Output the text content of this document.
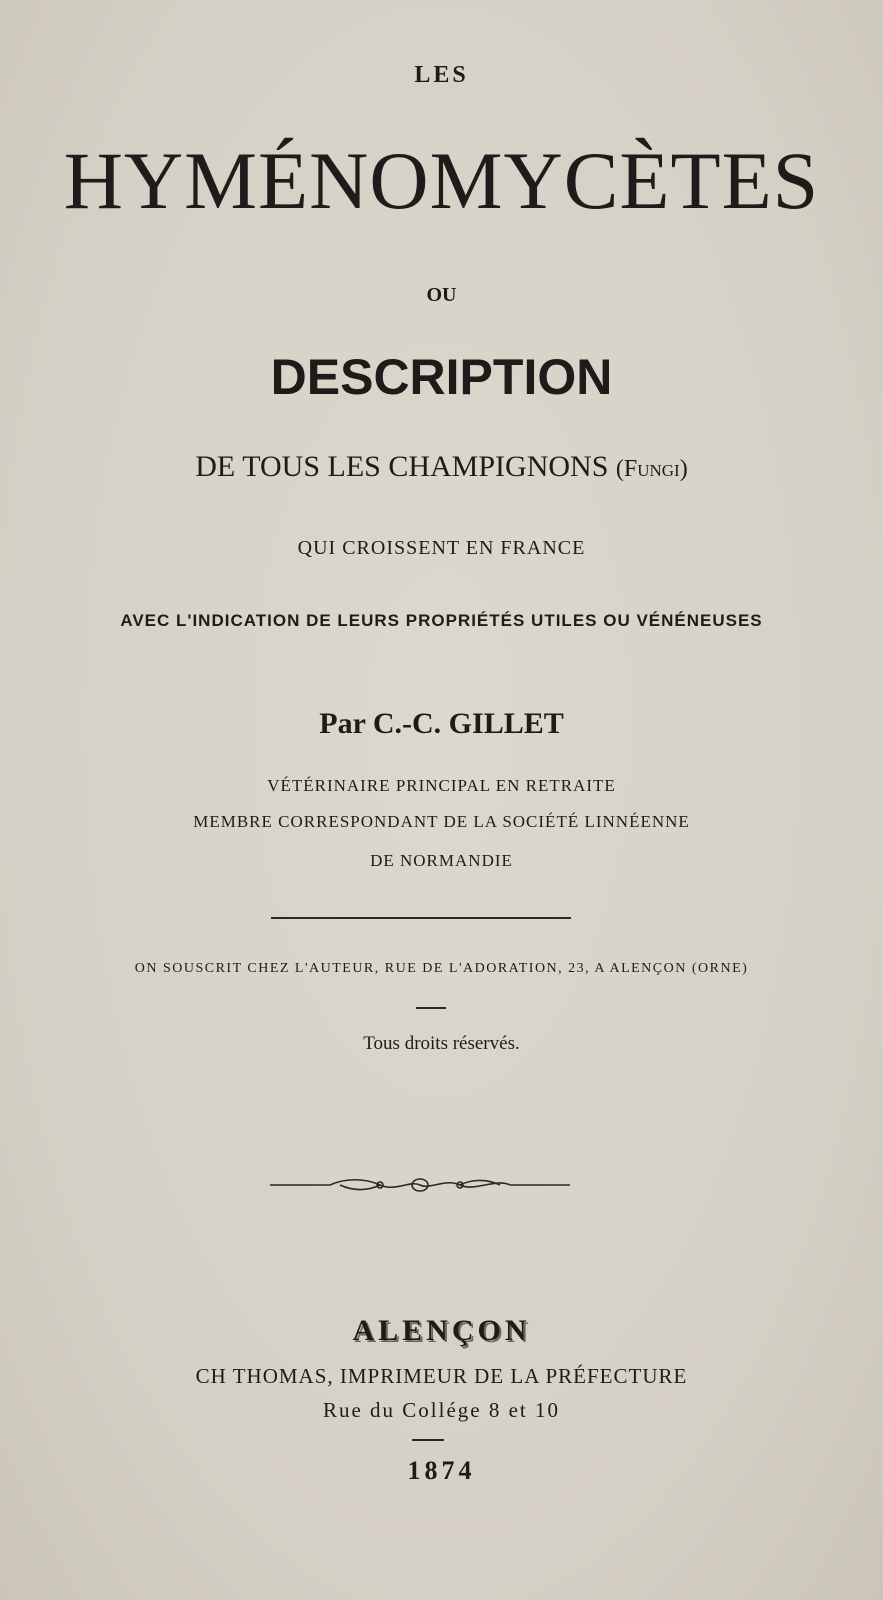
LES
HYMÉNOMYCÈTES
OU
DESCRIPTION
DE TOUS LES CHAMPIGNONS (Fungi)
QUI CROISSENT EN FRANCE
AVEC L'INDICATION DE LEURS PROPRIÉTÉS UTILES OU VÉNÉNEUSES
Par C.-C. GILLET
VÉTÉRINAIRE PRINCIPAL EN RETRAITE
MEMBRE CORRESPONDANT DE LA SOCIÉTÉ LINNÉENNE
DE NORMANDIE
ON SOUSCRIT CHEZ L'AUTEUR, RUE DE L'ADORATION, 23, A ALENÇON (ORNE)
Tous droits réservés.
ALENÇON
CH THOMAS, IMPRIMEUR DE LA PRÉFECTURE
Rue du Collége 8 et 10
1874
